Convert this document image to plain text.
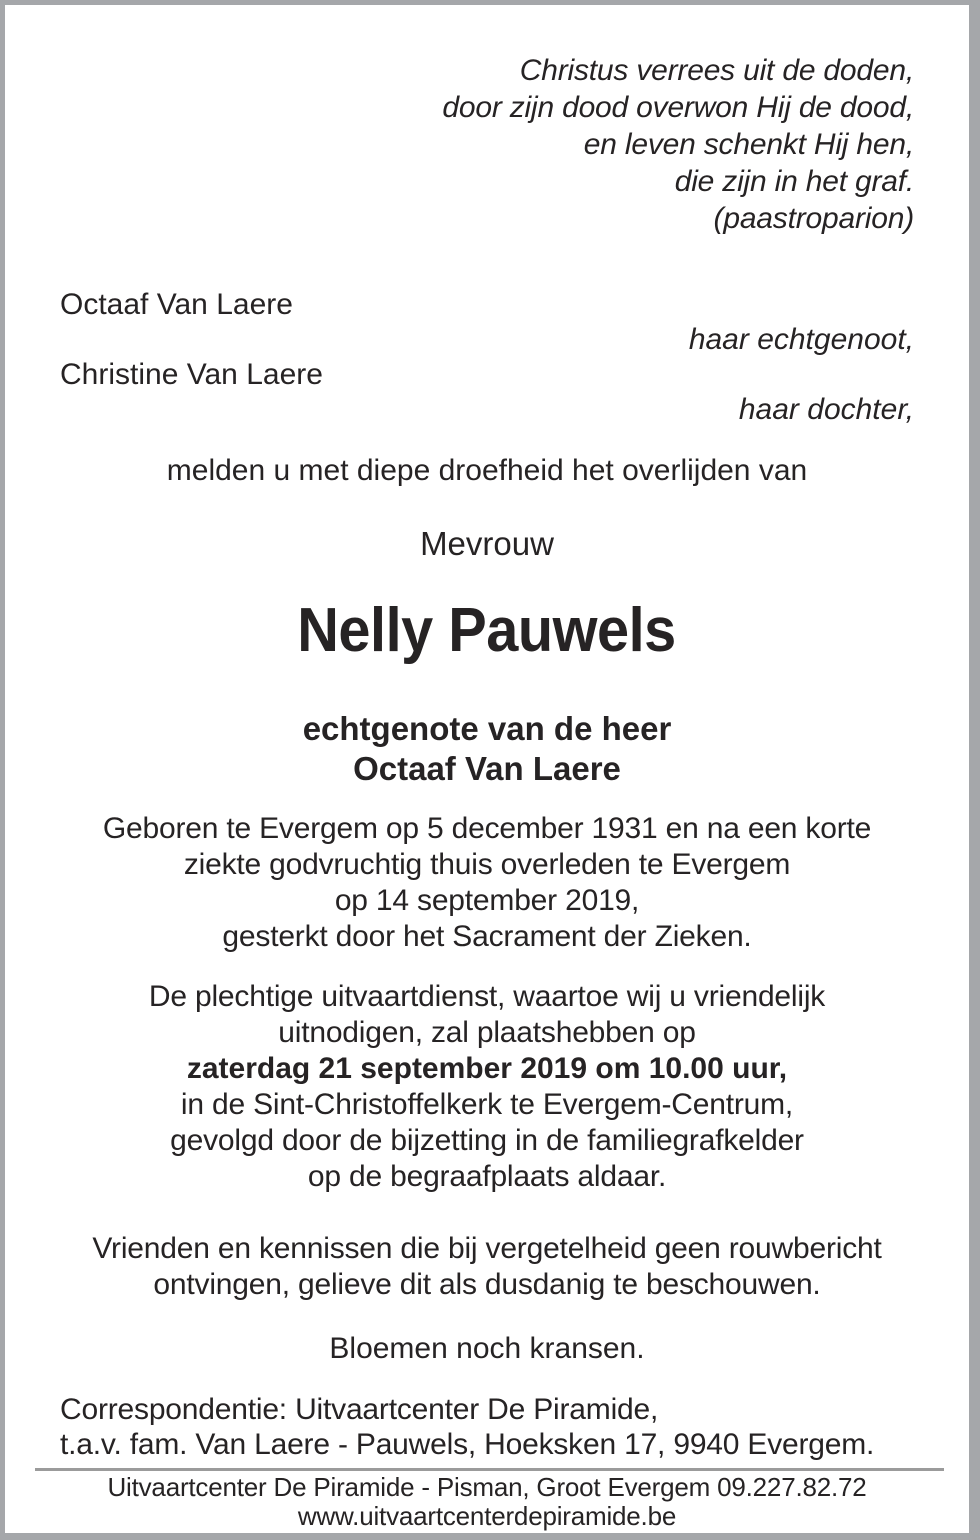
Christus verrees uit de doden,
door zijn dood overwon Hij de dood,
en leven schenkt Hij hen,
die zijn in het graf.
(paastroparion)
Octaaf Van Laere
haar echtgenoot,
Christine Van Laere
haar dochter,
melden u met diepe droefheid het overlijden van
Mevrouw
Nelly Pauwels
echtgenote van de heer
Octaaf Van Laere
Geboren te Evergem op 5 december 1931 en na een korte
ziekte godvruchtig thuis overleden te Evergem
op 14 september 2019,
gesterkt door het Sacrament der Zieken.
De plechtige uitvaartdienst, waartoe wij u vriendelijk
uitnodigen, zal plaatshebben op
zaterdag 21 september 2019 om 10.00 uur,
in de Sint-Christoffelkerk te Evergem-Centrum,
gevolgd door de bijzetting in de familiegrafkelder
op de begraafplaats aldaar.
Vrienden en kennissen die bij vergetelheid geen rouwbericht
ontvingen, gelieve dit als dusdanig te beschouwen.
Bloemen noch kransen.
Correspondentie: Uitvaartcenter De Piramide,
t.a.v. fam. Van Laere - Pauwels, Hoeksken 17, 9940 Evergem.
Uitvaartcenter De Piramide - Pisman, Groot Evergem 09.227.82.72
www.uitvaartcenterdepiramide.be
